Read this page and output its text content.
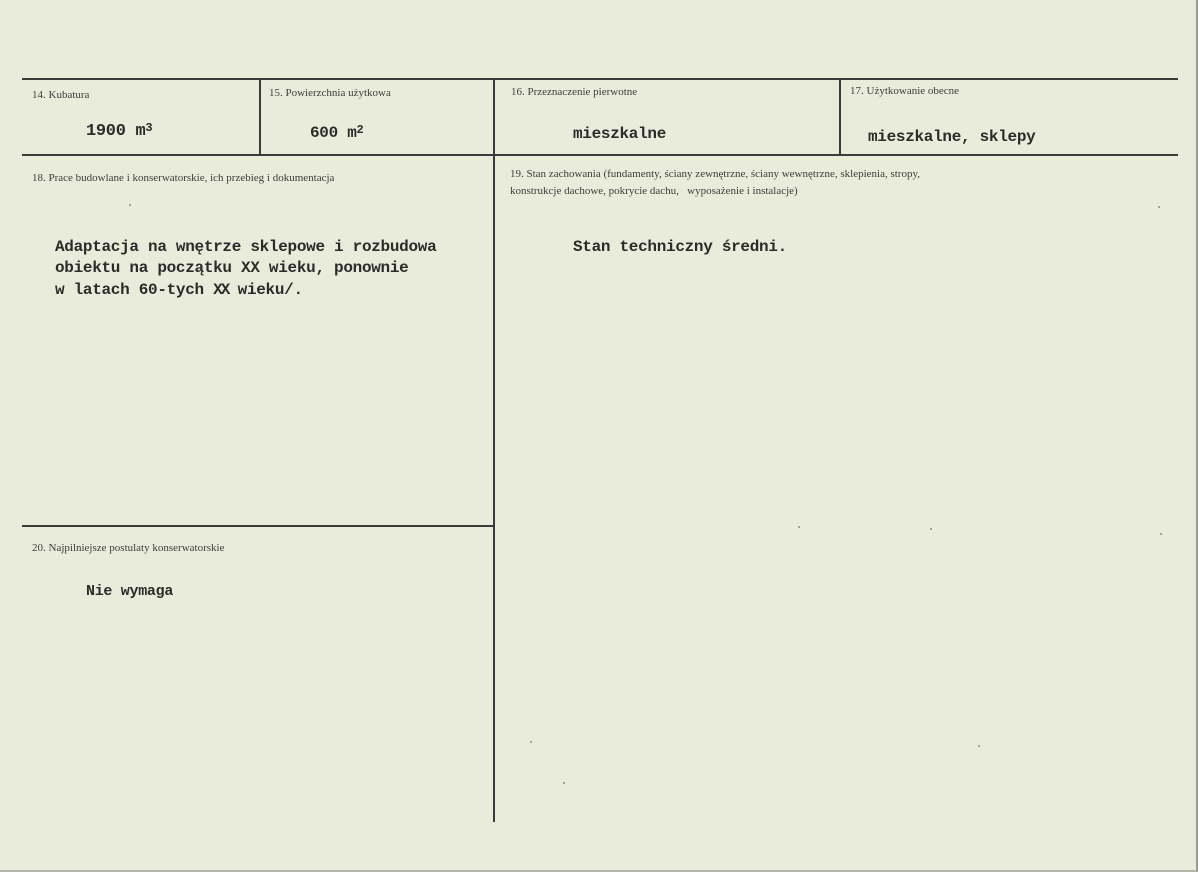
14. Kubatura
1900 $m^3$
15. Powierzchnia użytkowa
600 $m^2$
16. Przeznaczenie pierwotne
mieszkalne
17. Użytkowanie obecne
mieszkalne, sklepy
18. Prace budowlane i konserwatorskie, ich przebieg i dokumentacja
Adaptacja na wnętrze sklepowe i rozbudowa
obiektu na początku XX wieku, ponownie
w latach 60-tych XX wieku/.
19. Stan zachowania (fundamenty, ściany zewnętrzne, ściany wewnętrzne, sklepienia, stropy,
konstrukcje dachowe, pokrycie dachu,   wyposażenie i instalacje)
Stan techniczny średni.
20. Najpilniejsze postulaty konserwatorskie
Nie wymaga
